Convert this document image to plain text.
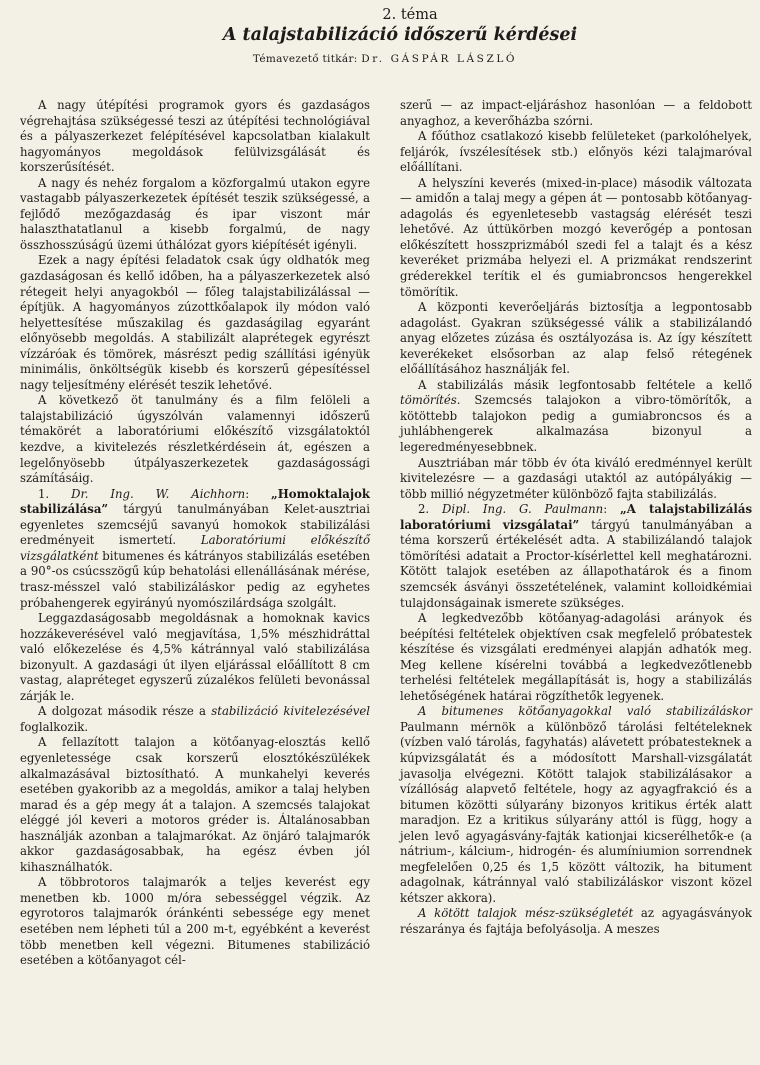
2. téma
A talajstabilizáció időszerű kérdései
Témavezető titkár: Dr. GÁSPÁR LÁSZLÓ

A nagy útépítési programok gyors és gazdaságos végrehajtása szükségessé teszi az útépítési technológiával és a pályaszerkezet felépítésével kapcsolatban kialakult hagyományos megoldások felülvizsgálását és korszerűsítését.

A nagy és nehéz forgalom a közforgalmú utakon egyre vastagabb pályaszerkezetek építését teszik szükségessé, a fejlődő mezőgazdaság és ipar viszont már halaszthatatlanul a kisebb forgalmú, de nagy összhosszúságú üzemi úthálózat gyors kiépítését igényli.

Ezek a nagy építési feladatok csak úgy oldhatók meg gazdaságosan és kellő időben, ha a pályaszerkezetek alsó rétegeit helyi anyagokból — főleg talajstabilizálással — építjük. A hagyományos zúzottkőalapok ily módon való helyettesítése műszakilag és gazdaságilag egyaránt előnyösebb megoldás. A stabilizált alaprétegek egyrészt vízzáróak és tömörek, másrészt pedig szállítási igényük minimális, önköltségük kisebb és korszerű gépesítéssel nagy teljesítmény elérését teszik lehetővé.

A következő öt tanulmány és a film felöleli a talajstabilizáció úgyszólván valamennyi időszerű témakörét a laboratóriumi előkészítő vizsgálatoktól kezdve, a kivitelezés részletkérdésein át, egészen a legelőnyösebb útpályaszerkezetek gazdaságossági számításáig.

1. Dr. Ing. W. Aichhorn: „Homoktalajok stabilizálása” tárgyú tanulmányában Kelet-ausztriai egyenletes szemcséjű savanyú homokok stabilizálási eredményeit ismertetí. Laboratóriumi előkészítő vizsgálatként bitumenes és kátrányos stabilizálás esetében a 90°-os csúcsszögű kúp behatolási ellenállásának mérése, trasz-mésszel való stabilizáláskor pedig az egyhetes próbahengerek egyirányú nyomószilárdsága szolgált.

Leggazdaságosabb megoldásnak a homoknak kavics hozzákeverésével való megjavítása, 1,5% mészhidráttal való előkezelése és 4,5% kátránnyal való stabilizálása bizonyult. A gazdasági út ilyen eljárással előállított 8 cm vastag, alapréteget egyszerű zúzalékos felületi bevonással zárják le.

A dolgozat második része a stabilizáció kivitelezésével foglalkozik.

A fellazított talajon a kötőanyag-elosztás kellő egyenletessége csak korszerű elosztókészülékek alkalmazásával biztosítható. A munkahelyi keverés esetében gyakoribb az a megoldás, amikor a talaj helyben marad és a gép megy át a talajon. A szemcsés talajokat eléggé jól keveri a motoros gréder is. Általánosabban használják azonban a talajmarókat. Az önjáró talajmarók akkor gazdaságosabbak, ha egész évben jól kihasználhatók.

A többrotoros talajmarók a teljes keverést egy menetben kb. 1000 m/óra sebességgel végzik. Az egyrotoros talajmarók óránkénti sebessége egy menet esetében nem lépheti túl a 200 m-t, egyébként a keverést több menetben kell végezni. Bitumenes stabilizáció esetében a kötőanyagot cél-

szerű — az impact-eljáráshoz hasonlóan — a feldobott anyaghoz, a keverőházba szórni.

A főúthoz csatlakozó kisebb felületeket (parkolóhelyek, feljárók, ívszélesítések stb.) előnyös kézi talajmaróval előállítani.

A helyszíni keverés (mixed-in-place) második változata — amidőn a talaj megy a gépen át — pontosabb kötőanyag-adagolás és egyenletesebb vastagság elérését teszi lehetővé. Az úttükörben mozgó keverőgép a pontosan előkészített hosszprizmából szedi fel a talajt és a kész keveréket prizmába helyezi el. A prizmákat rendszerint gréderekkel terítik el és gumiabroncsos hengerekkel tömörítik.

A központi keverőeljárás biztosítja a legpontosabb adagolást. Gyakran szükségessé válik a stabilizálandó anyag előzetes zúzása és osztályozása is. Az így készített keverékeket elsősorban az alap felső rétegének előállításához használják fel.

A stabilizálás másik legfontosabb feltétele a kellő tömörítés. Szemcsés talajokon a vibro-tömörítők, a kötöttebb talajokon pedig a gumiabroncsos és a juhlábhengerek alkalmazása bizonyul a legeredményesebbnek.

Ausztriában már több év óta kiváló eredménnyel került kivitelezésre — a gazdasági utaktól az autópályákig — több millió négyzetméter különböző fajta stabilizálás.

2. Dipl. Ing. G. Paulmann: „A talajstabilizálás laboratóriumi vizsgálatai” tárgyú tanulmányában a téma korszerű értékelését adta. A stabilizálandó talajok tömörítési adatait a Proctor-kísérlettel kell meghatározni. Kötött talajok esetében az állapothatárok és a finom szemcsék ásványi összetételének, valamint kolloidkémiai tulajdonságainak ismerete szükséges.

A legkedvezőbb kötőanyag-adagolási arányok és beépítési feltételek objektíven csak megfelelő próbatestek készítése és vizsgálati eredményei alapján adhatók meg. Meg kellene kísérelni továbbá a legkedvezőtlenebb terhelési feltételek megállapítását is, hogy a stabilizálás lehetőségének határai rögzíthetők legyenek.

A bitumenes kötőanyagokkal való stabilizáláskor Paulmann mérnök a különböző tárolási feltételeknek (vízben való tárolás, fagyhatás) alávetett próbatesteknek a kúpvizsgálatát és a módosított Marshall-vizsgálatát javasolja elvégezni. Kötött talajok stabilizálásakor a vízállóság alapvető feltétele, hogy az agyagfrakció és a bitumen közötti súlyarány bizonyos kritikus érték alatt maradjon. Ez a kritikus súlyarány attól is függ, hogy a jelen levő agyagásvány-fajták kationjai kicserélhetők-e (a nátrium-, kálcium-, hidrogén- és alumíniumion sorrendnek megfelelően 0,25 és 1,5 között változik, ha bitument adagolnak, kátránnyal való stabilizáláskor viszont közel kétszer akkora).

A kötött talajok mész-szükségletét az agyagásványok részaránya és fajtája befolyásolja. A meszes
